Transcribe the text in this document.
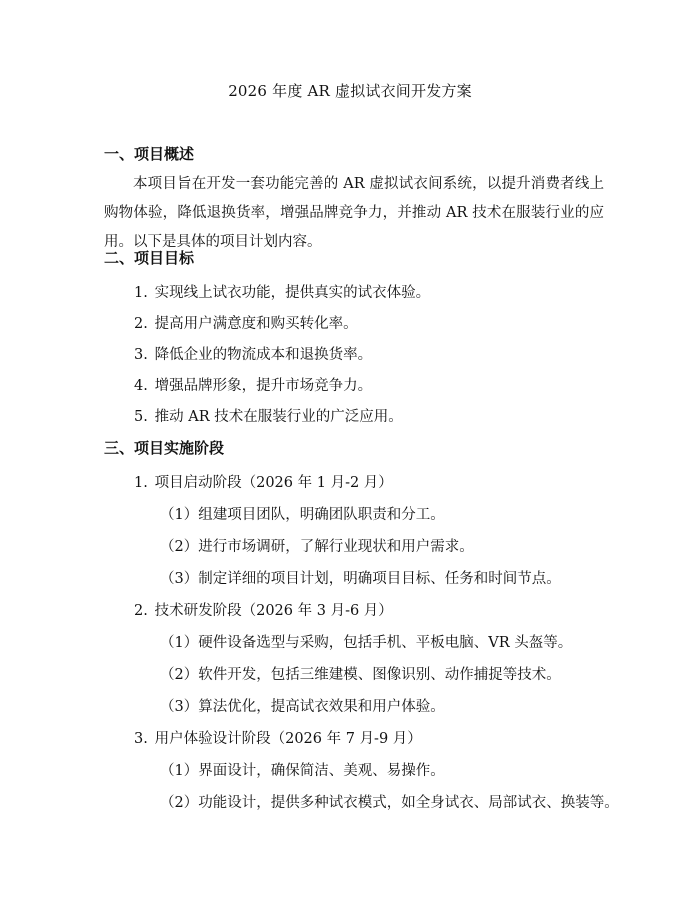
2026 年度 AR 虚拟试衣间开发方案
一、项目概述
本项目旨在开发一套功能完善的 AR 虚拟试衣间系统，以提升消费者线上购物体验，降低退换货率，增强品牌竞争力，并推动 AR 技术在服装行业的应用。以下是具体的项目计划内容。
二、项目目标
1. 实现线上试衣功能，提供真实的试衣体验。
2. 提高用户满意度和购买转化率。
3. 降低企业的物流成本和退换货率。
4. 增强品牌形象，提升市场竞争力。
5. 推动 AR 技术在服装行业的广泛应用。
三、项目实施阶段
1. 项目启动阶段（2026 年 1 月-2 月）
（1）组建项目团队，明确团队职责和分工。
（2）进行市场调研，了解行业现状和用户需求。
（3）制定详细的项目计划，明确项目目标、任务和时间节点。
2. 技术研发阶段（2026 年 3 月-6 月）
（1）硬件设备选型与采购，包括手机、平板电脑、VR 头盔等。
（2）软件开发，包括三维建模、图像识别、动作捕捉等技术。
（3）算法优化，提高试衣效果和用户体验。
3. 用户体验设计阶段（2026 年 7 月-9 月）
（1）界面设计，确保简洁、美观、易操作。
（2）功能设计，提供多种试衣模式，如全身试衣、局部试衣、换装等。
